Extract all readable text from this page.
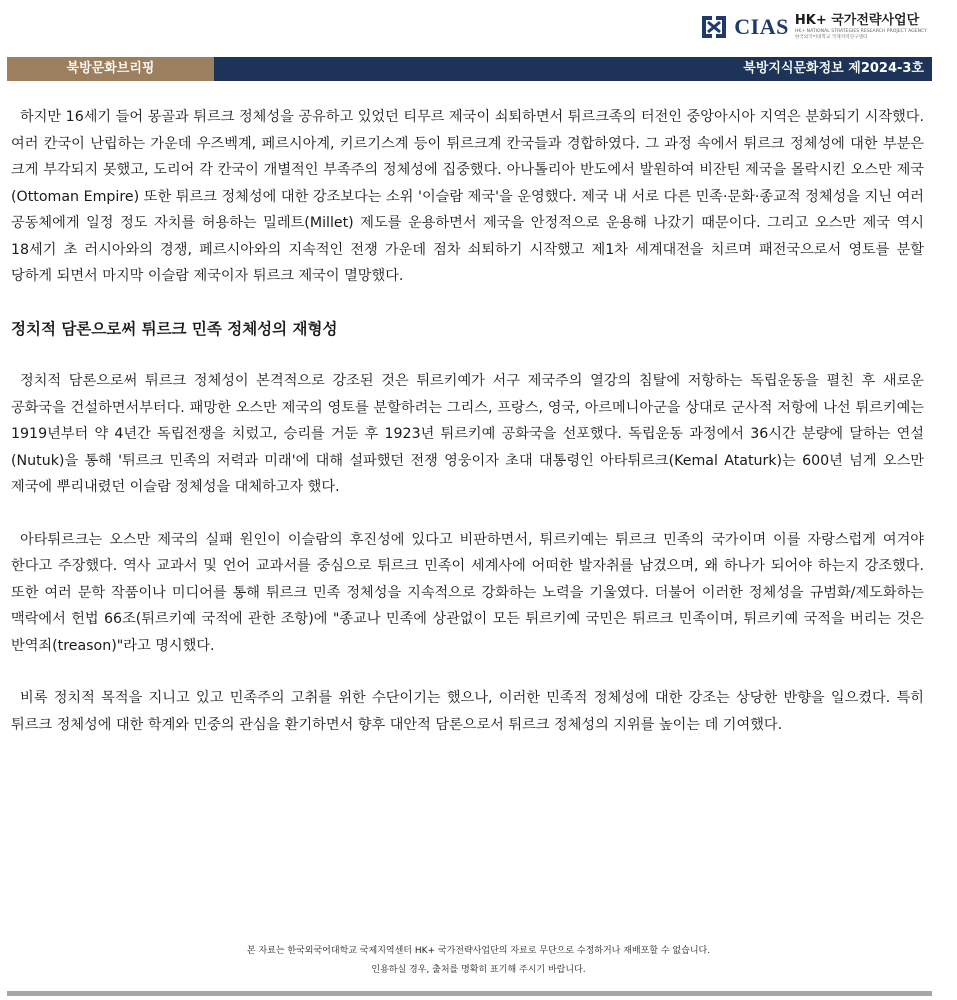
CIAS HK+ 국가전략사업단
HK+ NATIONAL STRATEGIES RESEARCH PROJECT AGENCY
한국외국어대학교 국제지역연구센터
북방문화브리핑	북방지식문화정보 제2024-3호

하지만 16세기 들어 몽골과 튀르크 정체성을 공유하고 있었던 티무르 제국이 쇠퇴하면서 튀르크족의 터전인 중앙아시아 지역은 분화되기 시작했다. 여러 칸국이 난립하는 가운데 우즈벡계, 페르시아계, 키르기스계 등이 튀르크계 칸국들과 경합하였다. 그 과정 속에서 튀르크 정체성에 대한 부분은 크게 부각되지 못했고, 도리어 각 칸국이 개별적인 부족주의 정체성에 집중했다. 아나톨리아 반도에서 발원하여 비잔틴 제국을 몰락시킨 오스만 제국(Ottoman Empire) 또한 튀르크 정체성에 대한 강조보다는 소위 '이슬람 제국'을 운영했다. 제국 내 서로 다른 민족·문화·종교적 정체성을 지닌 여러 공동체에게 일정 정도 자치를 허용하는 밀레트(Millet) 제도를 운용하면서 제국을 안정적으로 운용해 나갔기 때문이다. 그리고 오스만 제국 역시 18세기 초 러시아와의 경쟁, 페르시아와의 지속적인 전쟁 가운데 점차 쇠퇴하기 시작했고 제1차 세계대전을 치르며 패전국으로서 영토를 분할 당하게 되면서 마지막 이슬람 제국이자 튀르크 제국이 멸망했다.

정치적 담론으로써 튀르크 민족 정체성의 재형성

정치적 담론으로써 튀르크 정체성이 본격적으로 강조된 것은 튀르키예가 서구 제국주의 열강의 침탈에 저항하는 독립운동을 펼친 후 새로운 공화국을 건설하면서부터다. 패망한 오스만 제국의 영토를 분할하려는 그리스, 프랑스, 영국, 아르메니아군을 상대로 군사적 저항에 나선 튀르키예는 1919년부터 약 4년간 독립전쟁을 치렀고, 승리를 거둔 후 1923년 튀르키예 공화국을 선포했다. 독립운동 과정에서 36시간 분량에 달하는 연설(Nutuk)을 통해 '튀르크 민족의 저력과 미래'에 대해 설파했던 전쟁 영웅이자 초대 대통령인 아타튀르크(Kemal Ataturk)는 600년 넘게 오스만 제국에 뿌리내렸던 이슬람 정체성을 대체하고자 했다.

아타튀르크는 오스만 제국의 실패 원인이 이슬람의 후진성에 있다고 비판하면서, 튀르키예는 튀르크 민족의 국가이며 이를 자랑스럽게 여겨야 한다고 주장했다. 역사 교과서 및 언어 교과서를 중심으로 튀르크 민족이 세계사에 어떠한 발자취를 남겼으며, 왜 하나가 되어야 하는지 강조했다. 또한 여러 문학 작품이나 미디어를 통해 튀르크 민족 정체성을 지속적으로 강화하는 노력을 기울였다. 더불어 이러한 정체성을 규범화/제도화하는 맥락에서 헌법 66조(튀르키예 국적에 관한 조항)에 "종교나 민족에 상관없이 모든 튀르키예 국민은 튀르크 민족이며, 튀르키예 국적을 버리는 것은 반역죄(treason)"라고 명시했다.

비록 정치적 목적을 지니고 있고 민족주의 고취를 위한 수단이기는 했으나, 이러한 민족적 정체성에 대한 강조는 상당한 반향을 일으켰다. 특히 튀르크 정체성에 대한 학계와 민중의 관심을 환기하면서 향후 대안적 담론으로서 튀르크 정체성의 지위를 높이는 데 기여했다.

본 자료는 한국외국어대학교 국제지역센터 HK+ 국가전략사업단의 자료로 무단으로 수정하거나 재배포할 수 없습니다.
인용하실 경우, 출처를 명확히 표기해 주시기 바랍니다.
